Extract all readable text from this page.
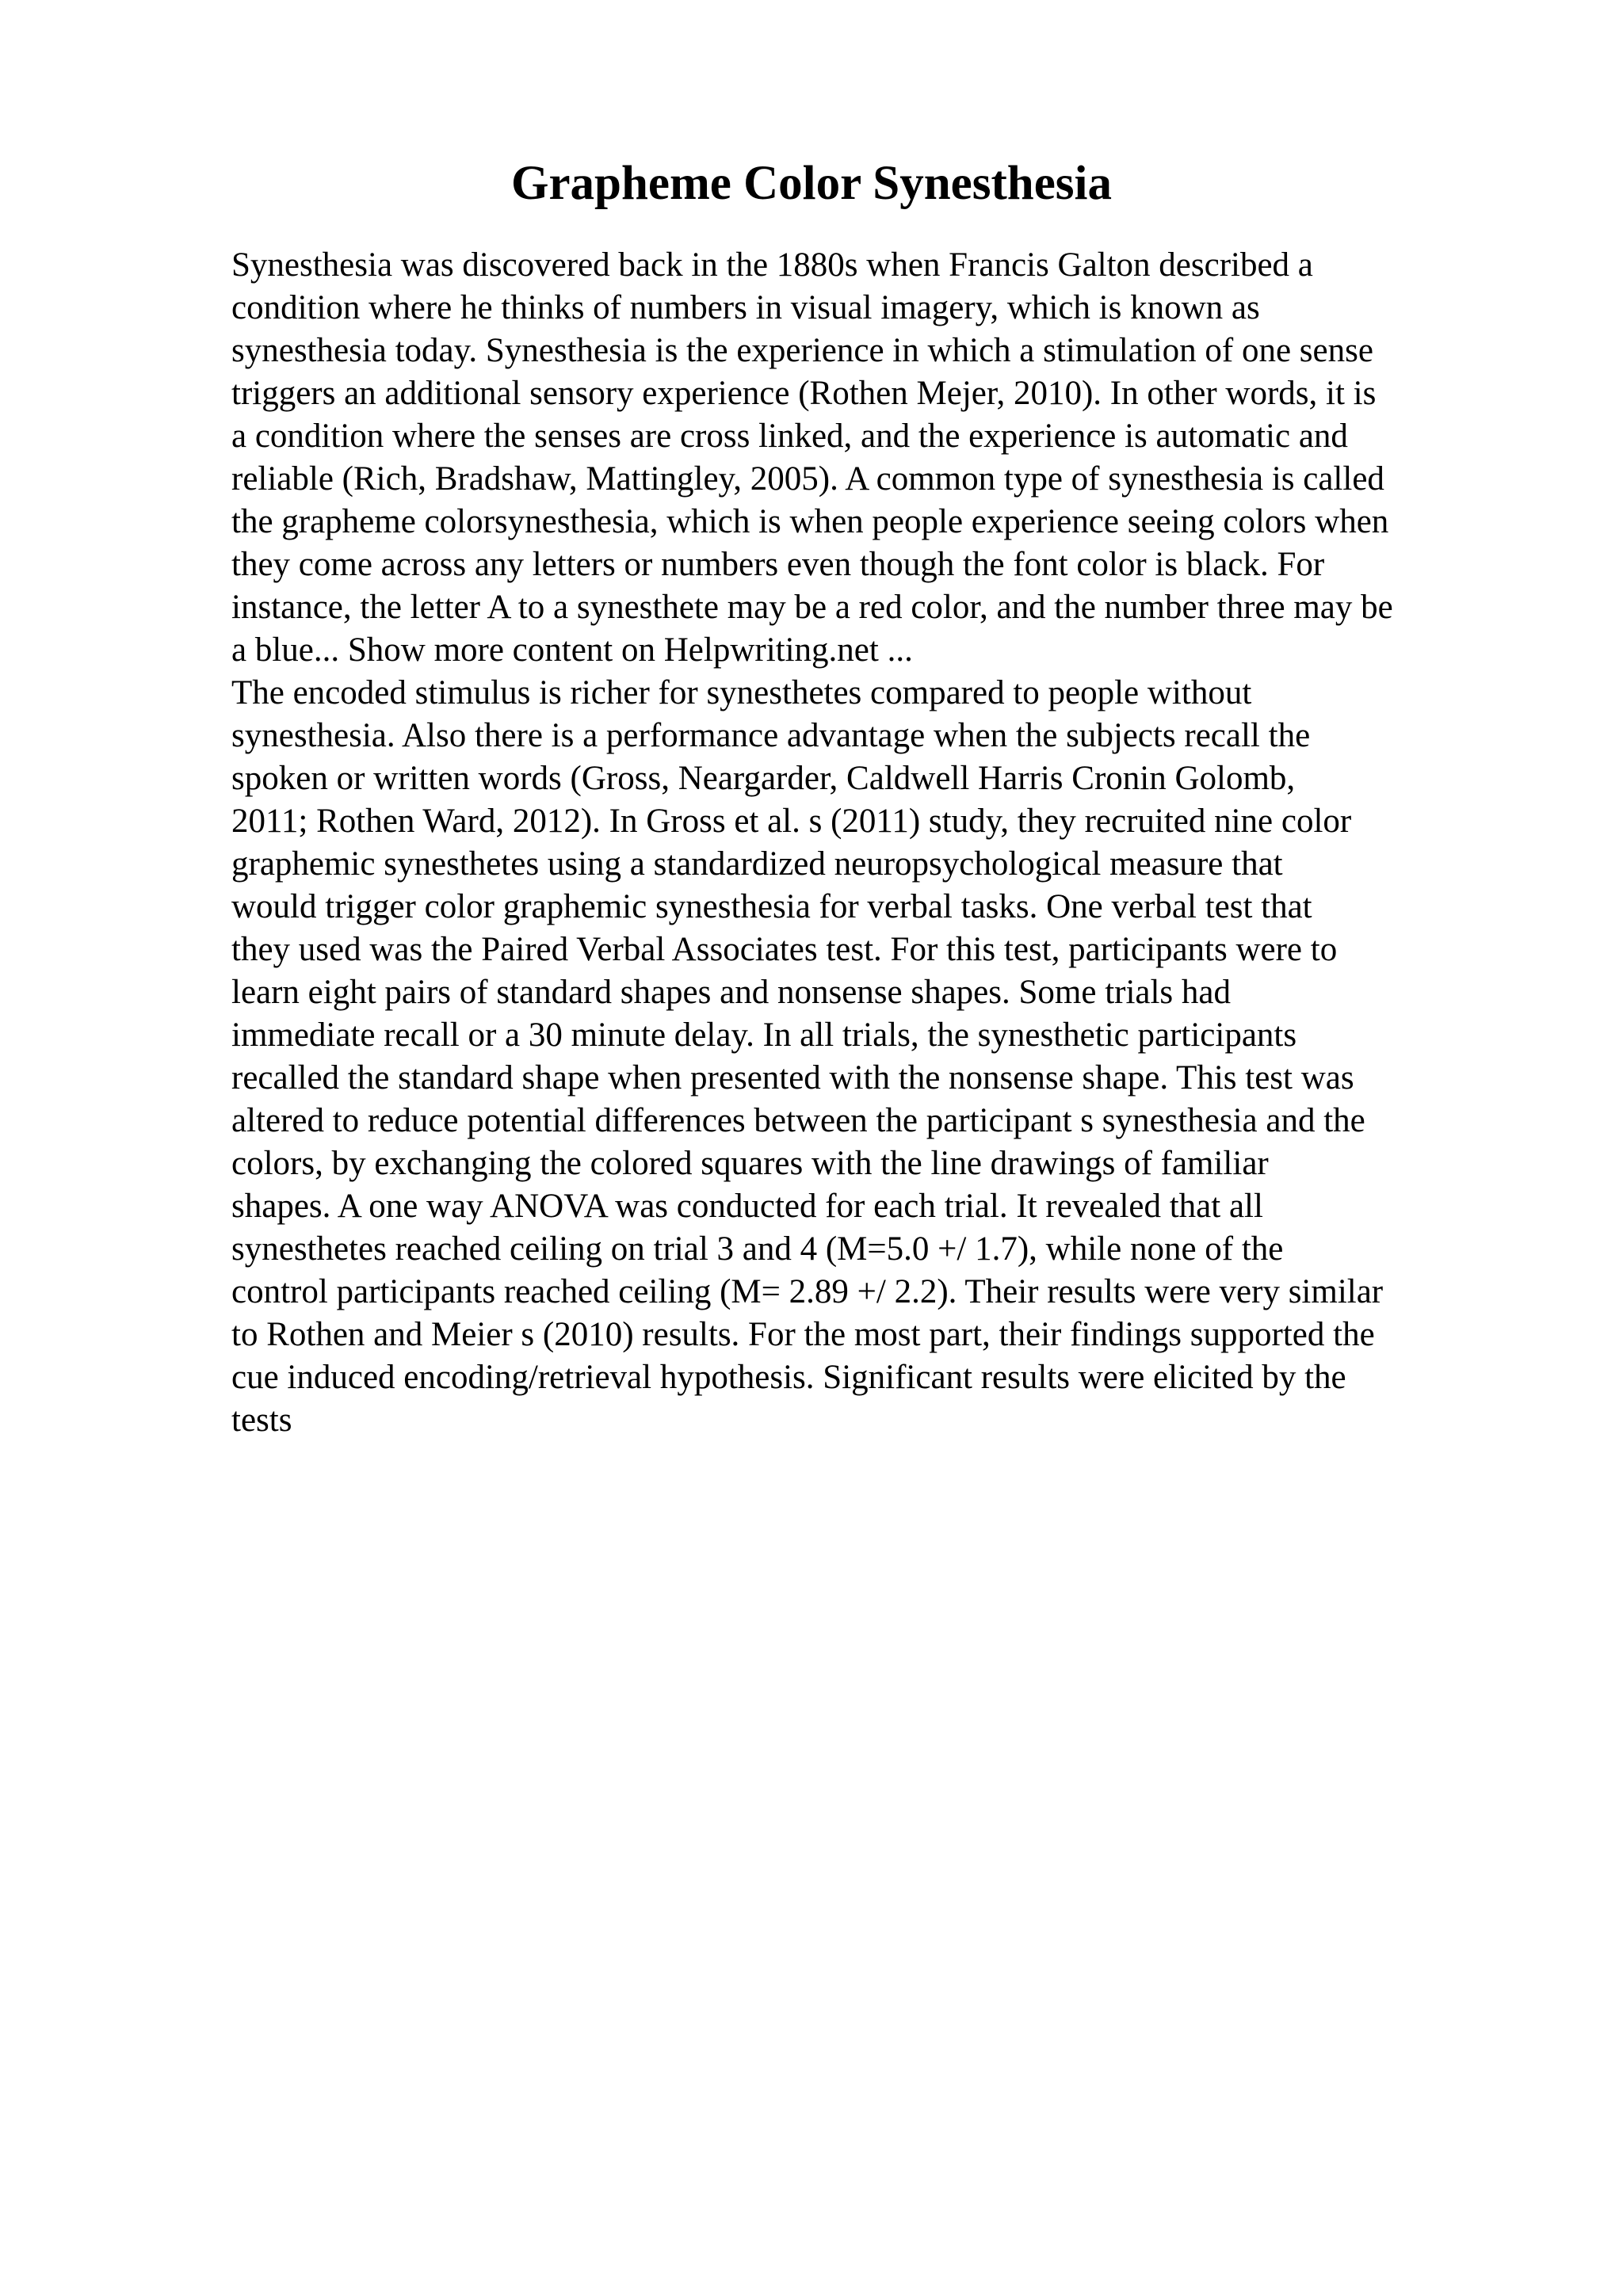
Grapheme Color Synesthesia
Synesthesia was discovered back in the 1880s when Francis Galton described a
condition where he thinks of numbers in visual imagery, which is known as
synesthesia today. Synesthesia is the experience in which a stimulation of one sense
triggers an additional sensory experience (Rothen Mejer, 2010). In other words, it is
a condition where the senses are cross linked, and the experience is automatic and
reliable (Rich, Bradshaw, Mattingley, 2005). A common type of synesthesia is called
the grapheme colorsynesthesia, which is when people experience seeing colors when
they come across any letters or numbers even though the font color is black. For
instance, the letter A to a synesthete may be a red color, and the number three may be
a blue... Show more content on Helpwriting.net ...
The encoded stimulus is richer for synesthetes compared to people without
synesthesia. Also there is a performance advantage when the subjects recall the
spoken or written words (Gross, Neargarder, Caldwell Harris Cronin Golomb,
2011; Rothen Ward, 2012). In Gross et al. s (2011) study, they recruited nine color
graphemic synesthetes using a standardized neuropsychological measure that
would trigger color graphemic synesthesia for verbal tasks. One verbal test that
they used was the Paired Verbal Associates test. For this test, participants were to
learn eight pairs of standard shapes and nonsense shapes. Some trials had
immediate recall or a 30 minute delay. In all trials, the synesthetic participants
recalled the standard shape when presented with the nonsense shape. This test was
altered to reduce potential differences between the participant s synesthesia and the
colors, by exchanging the colored squares with the line drawings of familiar
shapes. A one way ANOVA was conducted for each trial. It revealed that all
synesthetes reached ceiling on trial 3 and 4 (M=5.0 +/ 1.7), while none of the
control participants reached ceiling (M= 2.89 +/ 2.2). Their results were very similar
to Rothen and Meier s (2010) results. For the most part, their findings supported the
cue induced encoding/retrieval hypothesis. Significant results were elicited by the
tests
